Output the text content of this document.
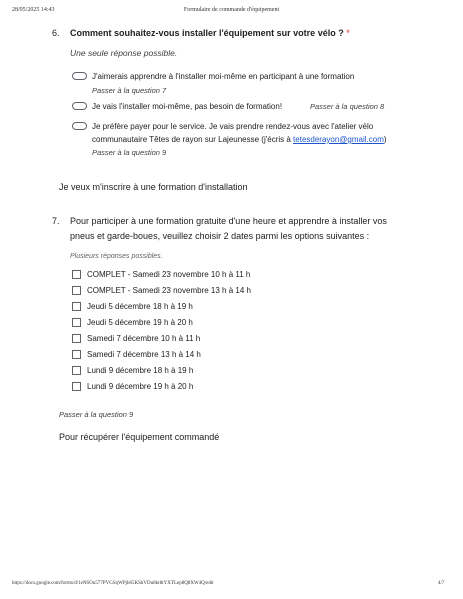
28/05/2025 14:43	Formulaire de commande d'équipement
6. Comment souhaitez-vous installer l'équipement sur votre vélo ? *
Une seule réponse possible.
J'aimerais apprendre à l'installer moi-même en participant à une formation
Passer à la question 7
Je vais l'installer moi-même, pas besoin de formation!	Passer à la question 8
Je préfère payer pour le service. Je vais prendre rendez-vous avec l'atelier vélo
communautaire Têtes de rayon sur Lajeunesse (j'écris à tetesderayon@gmail.com)
Passer à la question 9
Je veux m'inscrire à une formation d'installation
7. Pour participer à une formation gratuite d'une heure et apprendre à installer vos
pneus et garde-boues, veuillez choisir 2 dates parmi les options suivantes :
Plusieurs réponses possibles.
COMPLET - Samedi 23 novembre 10 h à 11 h
COMPLET - Samedi 23 novembre 13 h à 14 h
Jeudi 5 décembre 18 h à 19 h
Jeudi 5 décembre 19 h à 20 h
Samedi 7 décembre 10 h à 11 h
Samedi 7 décembre 13 h à 14 h
Lundi 9 décembre 18 h à 19 h
Lundi 9 décembre 19 h à 20 h
Passer à la question 9
Pour récupérer l'équipement commandé
https://docs.google.com/forms/d/1eNSOu577PVGSqWPjh65KSkVDu8kr8tYXTLep8Q8XW4Q/edit	4/7
